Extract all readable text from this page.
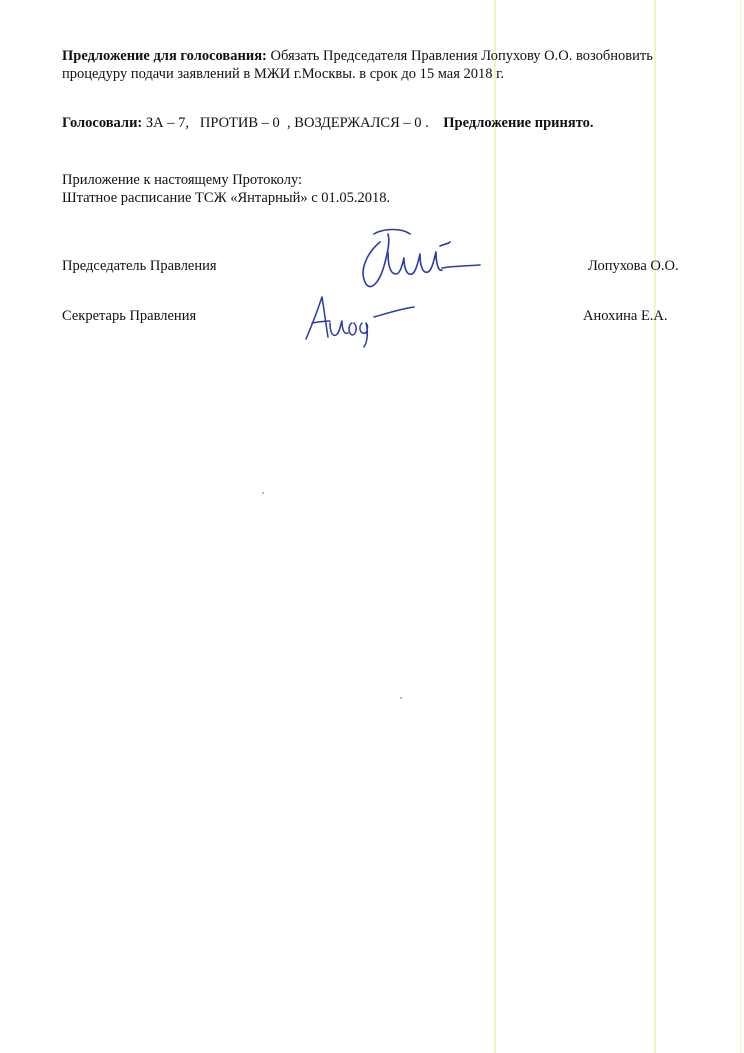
Предложение для голосования: Обязать Председателя Правления Лопухову О.О. возобновить
процедуру подачи заявлений в МЖИ г.Москвы. в срок до 15 мая 2018 г.
Голосовали: ЗА – 7,   ПРОТИВ – 0  , ВОЗДЕРЖАЛСЯ – 0 .    Предложение принято.
Приложение к настоящему Протоколу:
Штатное расписание ТСЖ «Янтарный» с 01.05.2018.
Председатель Правления	Лопухова О.О.
Секретарь Правления	Анохина Е.А.
